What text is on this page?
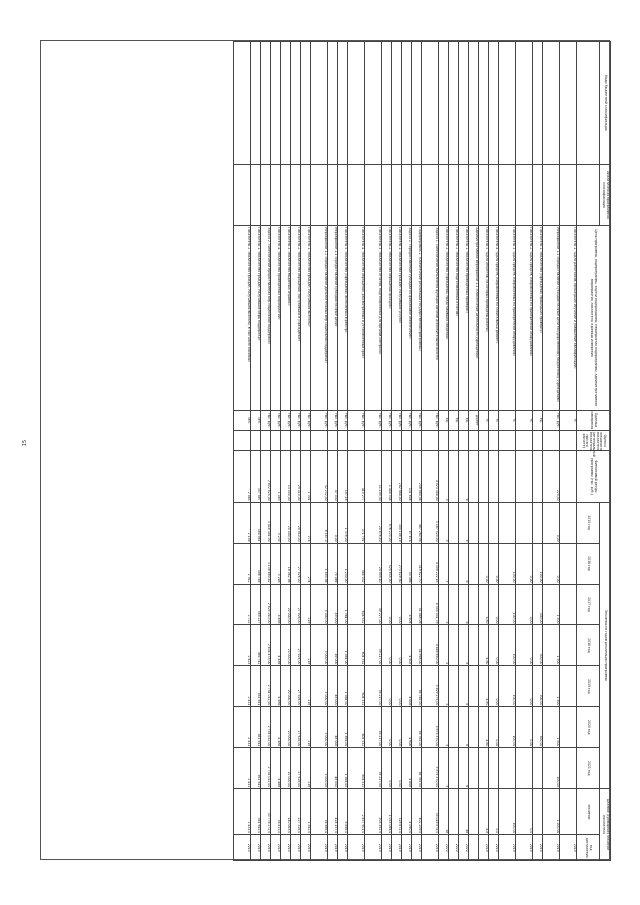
15
Коды бюджетной классификации	Аналитическая программная классификация	Цель программы, подпрограммы, задачи подпрограммы, мероприятия подпрограммы, административного мероприятия, показателя, единицы измерения	Единица измерения	Оценка значимости показателя (интегральный показатель, при его расчете)	Финансовый ресурс программы (тыс. руб.)	Значения по годам реализации программы							Целевое (суммарное) значение показателя	
						2015 год	2016 год	2017 год	2018 год	2019 год	2020 год	2021 год	значение	год достижения
		Показатель 1. «Доля работников, прошедших обучение и повышение квалификации»	%											2019
		Мероприятие 1.1 «Предоставление субсидии на иные цели государственному бюджетному учреждению»	тыс. руб.		225,00	0,00	0,00	1 500	1 500	1 500	1 500	100,00	1 200,00	2019
		Показатель 1. «Количество учреждений, прошедших проверку»	ед.				100,00	300,00	300,00	300,00	300,00			2019
		Показатель 2. «Доля средств, направленных на приобретение оборудования»	%				0,00	0,00	0,00	0,00	0,00		0,0	2019
		Показатель 3. «Доля средств, направленных на приобретение оборудования»	%				100,00	100,00	100,00	100,00	100,00		100,00	2019
		Показатель 4. «Доля средств, направленных на капитальный ремонт»	%				0,00	0,00	0,00	0,00	0,00		0,0	2019
		Показатель 5. «Доля объектов, на которых проведены работы»	%				0,00	4,80	4,80	4,80	4,80		4,8	2019
		Административное мероприятие 1.1 «Обеспечение деятельности учреждения»	да/нет											
		Показатель 1. «Количество проведенных проверок»	ед.		6	6	6	6	6	6	6	6	48	2020
		Показатель 2. «Количество подготовленных отчетов»	ед.											2020
		Показатель 3. «Количество учреждений, представивших сведения»	ед.		5	5	5	5	5	5	5	5	38	2020
		Задача 1. «Обеспечение выполнения функций органом исполнительной власти»	тыс. руб.		4 023 344,00	5 167 523,00	4 359 222,18	4 353 031,78	4 448 650,00	5 829 275,00	5 879 370,00	5 879 370,00	35 016 874,0	2019
		Подпрограмма 2. «Обеспечение реализации государственной программы»	тыс. руб.		258 960,56	467 260,96	319 622,70	51 948,06	54 998,00	56 765,00	56 765,00	56 765,00	402 209,0	2019
		Задача 1. «Предоставление субсидии на финансовое обеспечение»	тыс. руб.		131 606	87 676	53 086	4 604	4 605	4 606	4 606	4 606	4 090,0	2019
		Показатель 1. «Количество граждан, получивших услуги»	тыс. руб.		242 944,00	305 108,18	273 628,90	0,00	0,00	0,00	0,00	0,00	528 672,0	2019
		Показатель 2. «Количество обращений граждан»	тыс. руб.		1 404 534	876 223,00	525 835,00	0,00	0,00	0,00	0,00	0,00	1 035 064,0	2019
		Показатель 3. «Количество отчетов, подготовленных для органов контроля»	тыс. руб.		11 195,00	20 676,40	24 905,40	39 227,00	39 217,00	39 217,00	39 217,00	39 217,00	303 352,0	2019
		Показатель 4. «Количество обращений, рассмотренных в установленный срок»	тыс. руб.		410 277	371 791	564 032	604 532	604 532	604 532	604 532	604 532	2 457 901,0	2019
		Показатель 5. «Количество учреждений, включенных в реестр»	тыс. руб.		197,16	1 378,00	1 230,00	1 364,00	1 364,00	1 364,00	1 364,00	1 364,00	8 898,0	2019
		Мероприятие 1.1 «Предоставление субсидии на иные цели»	тыс. руб.		47 030	0,00	75 066	49 000	49 000	48 000	48 000	48 000	424 157,0	2019
		Мероприятие 1.2 «Предоставление дополнительных мер социальной поддержки»	тыс. руб.		52 232,00	6 187,0	1 493,96	5 000,00	5 000,00	5 000,00	5 000,00	5 000,00	36 986,0	2019
		Показатель 1. «Количество граждан, получивших выплаты»	тыс. руб.		1 301	274	274	218	218	218	218	218	1 542,0	2019
		Показатель 2. «Количество обращений, поступивших в учреждение»	тыс. руб.		29 010,00	24 910,00	27 926,00	27 926,00	27 926,00	27 926,00	27 926,00	27 926,00	227 326,0	2019
		Показатель 3. «Количество выданных справок»	тыс. руб.		13 000,00	20 000,00	16 062,96	20 000,00	20 000,00	20 000,00	20 000,00	20 000,00	140 063,0	2019
		Показатель 4. «Количество проведенных мероприятий»	тыс. руб.		1 063	5 235	5 246	4 486	4 486	4 486	4 486	4 486	36 413,0	2019
		Задача 2. «Обеспечение предоставления мер социальной поддержки»	тыс. руб.		2 812 825,00	3 418 341,00	3 138 680,42	2 625 010,00	2 634 478,00	2 754 012,00	2 754 012,00	2 754 012,00	30 776 272,0	2019
		Показатель 1. «Количество граждан, получивших меры поддержки»	чел.		357 487	384 961	396 748	369 217	369 742	361 941	361 941	361 941	361 941,0	2019
		Показатель 2. «Количество граждан, получивших выплаты, в том числе пособия»	чел.		2 465	2 198	2 912	2 722	2 423	2 431	2 431	2 431	2 431,0	2019
